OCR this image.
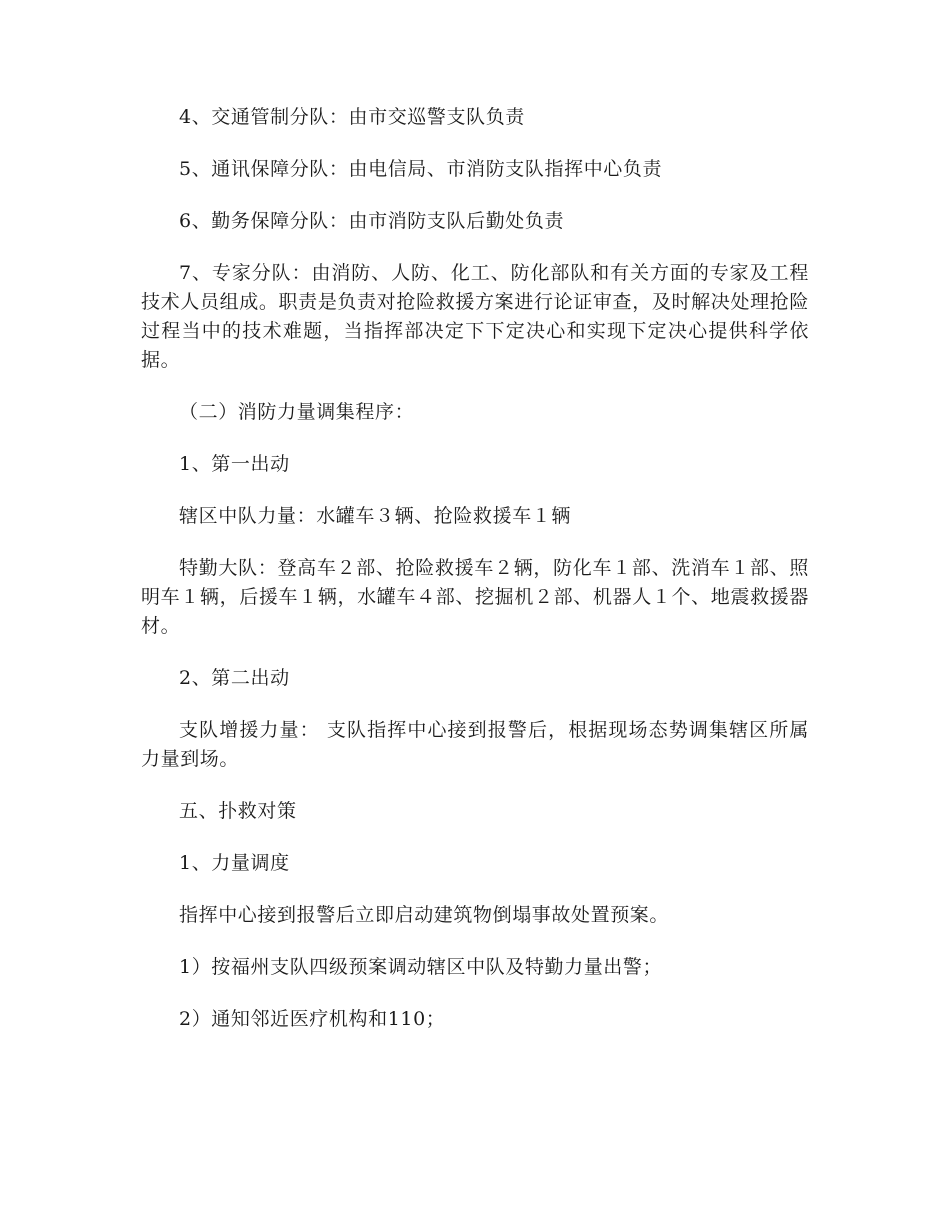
4、交通管制分队：由市交巡警支队负责

5、通讯保障分队：由电信局、市消防支队指挥中心负责

6、勤务保障分队：由市消防支队后勤处负责

7、专家分队：由消防、人防、化工、防化部队和有关方面的专家及工程技术人员组成。职责是负责对抢险救援方案进行论证审查，及时解决处理抢险过程当中的技术难题，当指挥部决定下下定决心和实现下定决心提供科学依据。

（二）消防力量调集程序：

1、第一出动

辖区中队力量：水罐车３辆、抢险救援车１辆

特勤大队：登高车２部、抢险救援车２辆，防化车１部、洗消车１部、照明车１辆，后援车１辆，水罐车４部、挖掘机２部、机器人１个、地震救援器材。

2、第二出动

支队增援力量： 支队指挥中心接到报警后，根据现场态势调集辖区所属力量到场。

五、扑救对策

1、力量调度

指挥中心接到报警后立即启动建筑物倒塌事故处置预案。

1）按福州支队四级预案调动辖区中队及特勤力量出警；

2）通知邻近医疗机构和110；
